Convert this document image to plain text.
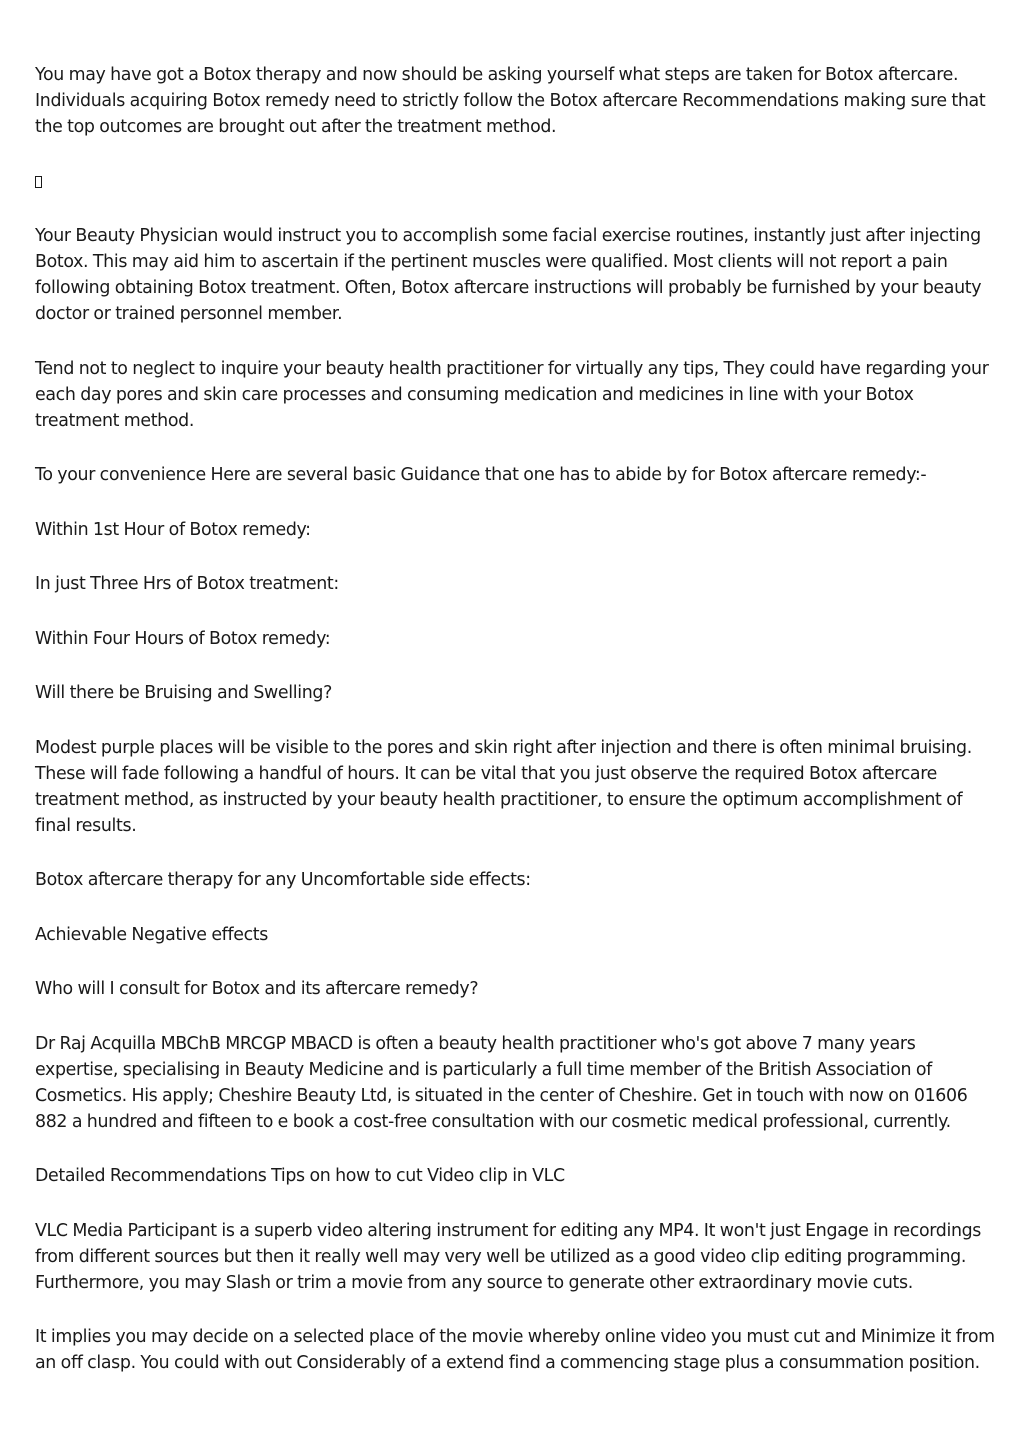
You may have got a Botox therapy and now should be asking yourself what steps are taken for Botox aftercare. Individuals acquiring Botox remedy need to strictly follow the Botox aftercare Recommendations making sure that the top outcomes are brought out after the treatment method.

Your Beauty Physician would instruct you to accomplish some facial exercise routines, instantly just after injecting Botox. This may aid him to ascertain if the pertinent muscles were qualified. Most clients will not report a pain following obtaining Botox treatment. Often, Botox aftercare instructions will probably be furnished by your beauty doctor or trained personnel member.

Tend not to neglect to inquire your beauty health practitioner for virtually any tips, They could have regarding your each day pores and skin care processes and consuming medication and medicines in line with your Botox treatment method.

To your convenience Here are several basic Guidance that one has to abide by for Botox aftercare remedy:-

Within 1st Hour of Botox remedy:

In just Three Hrs of Botox treatment:

Within Four Hours of Botox remedy:

Will there be Bruising and Swelling?

Modest purple places will be visible to the pores and skin right after injection and there is often minimal bruising. These will fade following a handful of hours. It can be vital that you just observe the required Botox aftercare treatment method, as instructed by your beauty health practitioner, to ensure the optimum accomplishment of final results.

Botox aftercare therapy for any Uncomfortable side effects:

Achievable Negative effects

Who will I consult for Botox and its aftercare remedy?

Dr Raj Acquilla MBChB MRCGP MBACD is often a beauty health practitioner who's got above 7 many years expertise, specialising in Beauty Medicine and is particularly a full time member of the British Association of Cosmetics. His apply; Cheshire Beauty Ltd, is situated in the center of Cheshire. Get in touch with now on 01606 882 a hundred and fifteen to e book a cost-free consultation with our cosmetic medical professional, currently.

Detailed Recommendations Tips on how to cut Video clip in VLC

VLC Media Participant is a superb video altering instrument for editing any MP4. It won't just Engage in recordings from different sources but then it really well may very well be utilized as a good video clip editing programming. Furthermore, you may Slash or trim a movie from any source to generate other extraordinary movie cuts.

It implies you may decide on a selected place of the movie whereby online video you must cut and Minimize it from an off clasp. You could with out Considerably of a extend find a commencing stage plus a consummation position.
